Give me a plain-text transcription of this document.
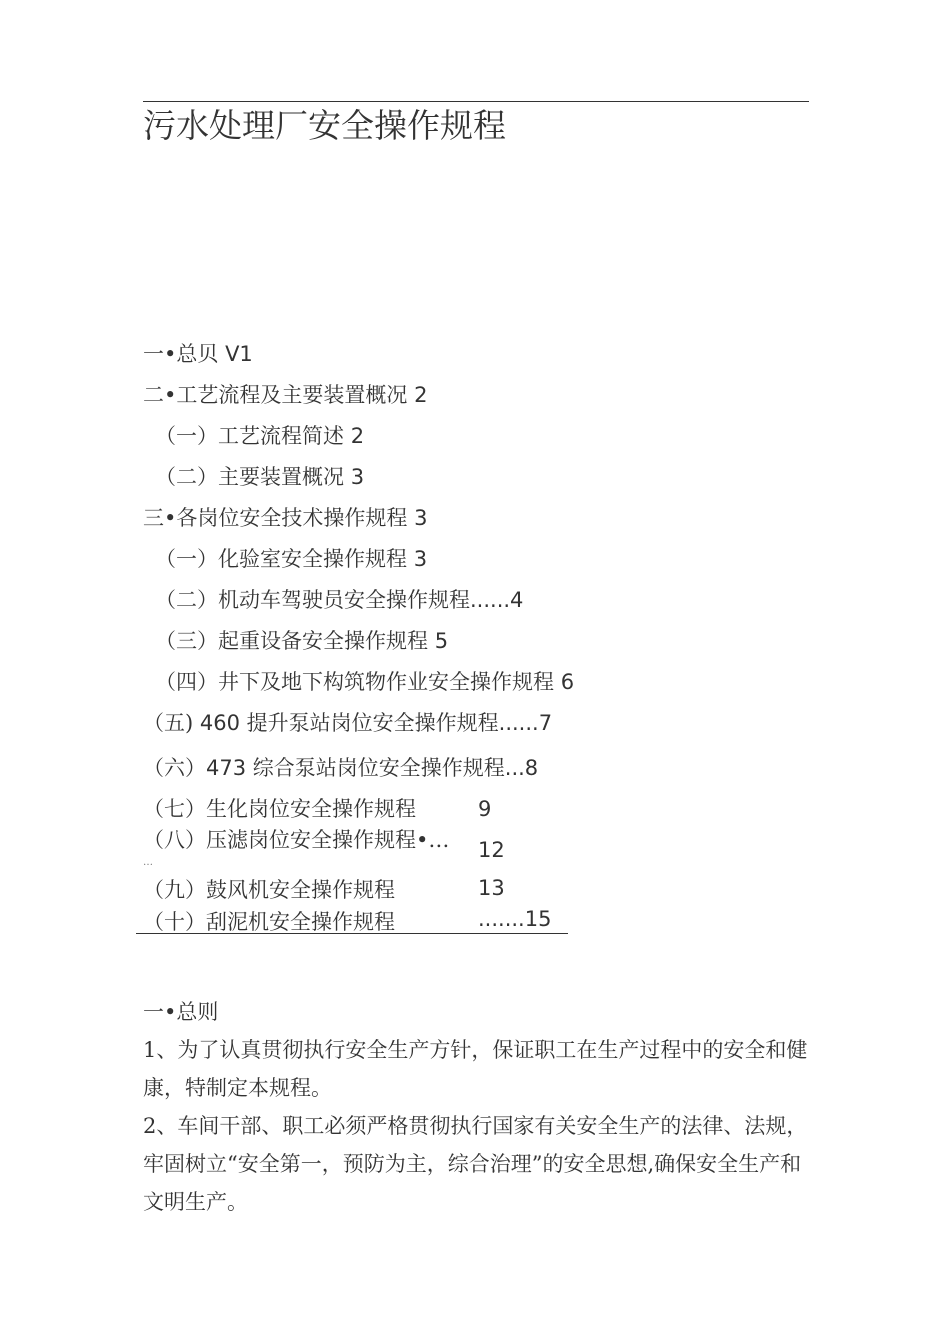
污水处理厂安全操作规程
一•总贝 V1
二•工艺流程及主要装置概况 2
（一）工艺流程简述 2
（二）主要装置概况 3
三•各岗位安全技术操作规程 3
（一）化验室安全操作规程 3
（二）机动车驾驶员安全操作规程......4
（三）起重设备安全操作规程 5
（四）井下及地下构筑物作业安全操作规程 6
（五) 460 提升泵站岗位安全操作规程......7
（六）473 综合泵站岗位安全操作规程...8
（七）生化岗位安全操作规程	9
（八）压滤岗位安全操作规程•… 12
…
（九）鼓风机安全操作规程	13
（十）刮泥机安全操作规程	.......15
一•总则
1、为了认真贯彻执行安全生产方针，保证职工在生产过程中的安全和健康，特制定本规程。
2、车间干部、职工必须严格贯彻执行国家有关安全生产的法律、法规，牢固树立“安全第一，预防为主，综合治理”的安全思想,确保安全生产和文明生产。
